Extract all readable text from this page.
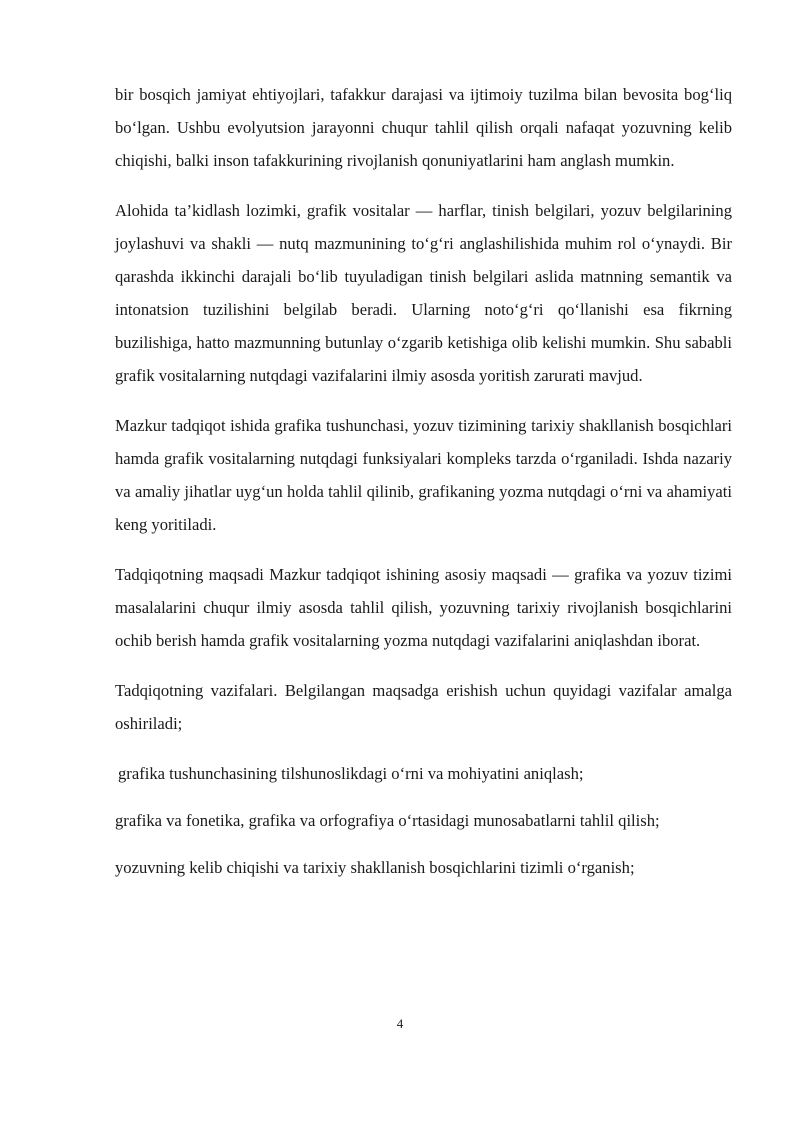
bir bosqich jamiyat ehtiyojlari, tafakkur darajasi va ijtimoiy tuzilma bilan bevosita bog‘liq bo‘lgan. Ushbu evolyutsion jarayonni chuqur tahlil qilish orqali nafaqat yozuvning kelib chiqishi, balki inson tafakkurining rivojlanish qonuniyatlarini ham anglash mumkin.

Alohida ta’kidlash lozimki, grafik vositalar — harflar, tinish belgilari, yozuv belgilarining joylashuvi va shakli — nutq mazmunining to‘g‘ri anglashilishida muhim rol o‘ynaydi. Bir qarashda ikkinchi darajali bo‘lib tuyuladigan tinish belgilari aslida matnning semantik va intonatsion tuzilishini belgilab beradi. Ularning noto‘g‘ri qo‘llanishi esa fikrning buzilishiga, hatto mazmunning butunlay o‘zgarib ketishiga olib kelishi mumkin. Shu sababli grafik vositalarning nutqdagi vazifalarini ilmiy asosda yoritish zarurati mavjud.

Mazkur tadqiqot ishida grafika tushunchasi, yozuv tizimining tarixiy shakllanish bosqichlari hamda grafik vositalarning nutqdagi funksiyalari kompleks tarzda o‘rganiladi. Ishda nazariy va amaliy jihatlar uyg‘un holda tahlil qilinib, grafikaning yozma nutqdagi o‘rni va ahamiyati keng yoritiladi.

Tadqiqotning maqsadi Mazkur tadqiqot ishining asosiy maqsadi — grafika va yozuv tizimi masalalarini chuqur ilmiy asosda tahlil qilish, yozuvning tarixiy rivojlanish bosqichlarini ochib berish hamda grafik vositalarning yozma nutqdagi vazifalarini aniqlashdan iborat.

Tadqiqotning vazifalari. Belgilangan maqsadga erishish uchun quyidagi vazifalar amalga oshiriladi;

grafika tushunchasining tilshunoslikdagi o‘rni va mohiyatini aniqlash;

grafika va fonetika, grafika va orfografiya o‘rtasidagi munosabatlarni tahlil qilish;

yozuvning kelib chiqishi va tarixiy shakllanish bosqichlarini tizimli o‘rganish;

4
